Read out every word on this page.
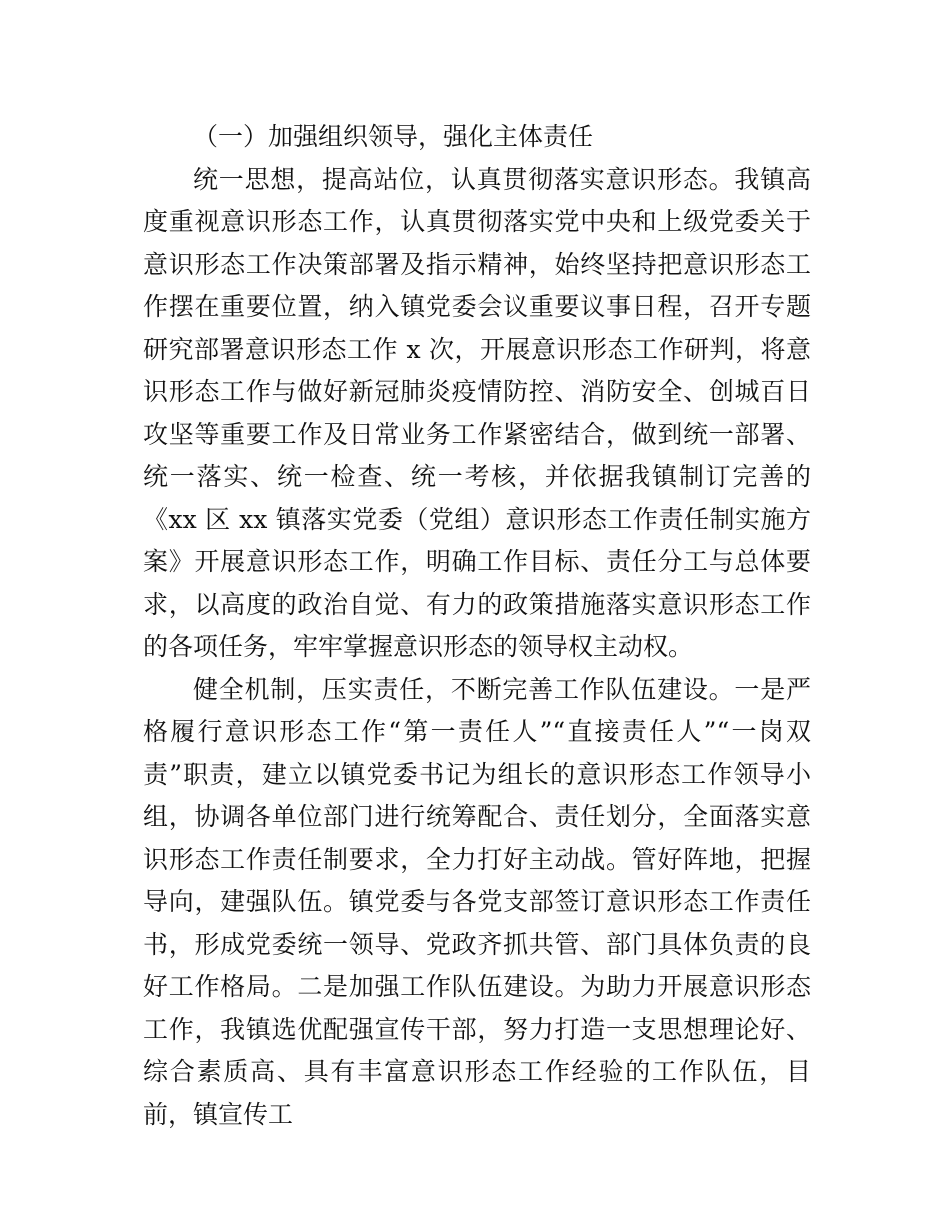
（一）加强组织领导，强化主体责任

统一思想，提高站位，认真贯彻落实意识形态。我镇高度重视意识形态工作，认真贯彻落实党中央和上级党委关于意识形态工作决策部署及指示精神，始终坚持把意识形态工作摆在重要位置，纳入镇党委会议重要议事日程，召开专题研究部署意识形态工作 x 次，开展意识形态工作研判，将意识形态工作与做好新冠肺炎疫情防控、消防安全、创城百日攻坚等重要工作及日常业务工作紧密结合，做到统一部署、统一落实、统一检查、统一考核，并依据我镇制订完善的《xx 区 xx 镇落实党委（党组）意识形态工作责任制实施方案》开展意识形态工作，明确工作目标、责任分工与总体要求，以高度的政治自觉、有力的政策措施落实意识形态工作的各项任务，牢牢掌握意识形态的领导权主动权。

健全机制，压实责任，不断完善工作队伍建设。一是严格履行意识形态工作“第一责任人”“直接责任人”“一岗双责”职责，建立以镇党委书记为组长的意识形态工作领导小组，协调各单位部门进行统筹配合、责任划分，全面落实意识形态工作责任制要求，全力打好主动战。管好阵地，把握导向，建强队伍。镇党委与各党支部签订意识形态工作责任书，形成党委统一领导、党政齐抓共管、部门具体负责的良好工作格局。二是加强工作队伍建设。为助力开展意识形态工作，我镇选优配强宣传干部，努力打造一支思想理论好、综合素质高、具有丰富意识形态工作经验的工作队伍，目前，镇宣传工
